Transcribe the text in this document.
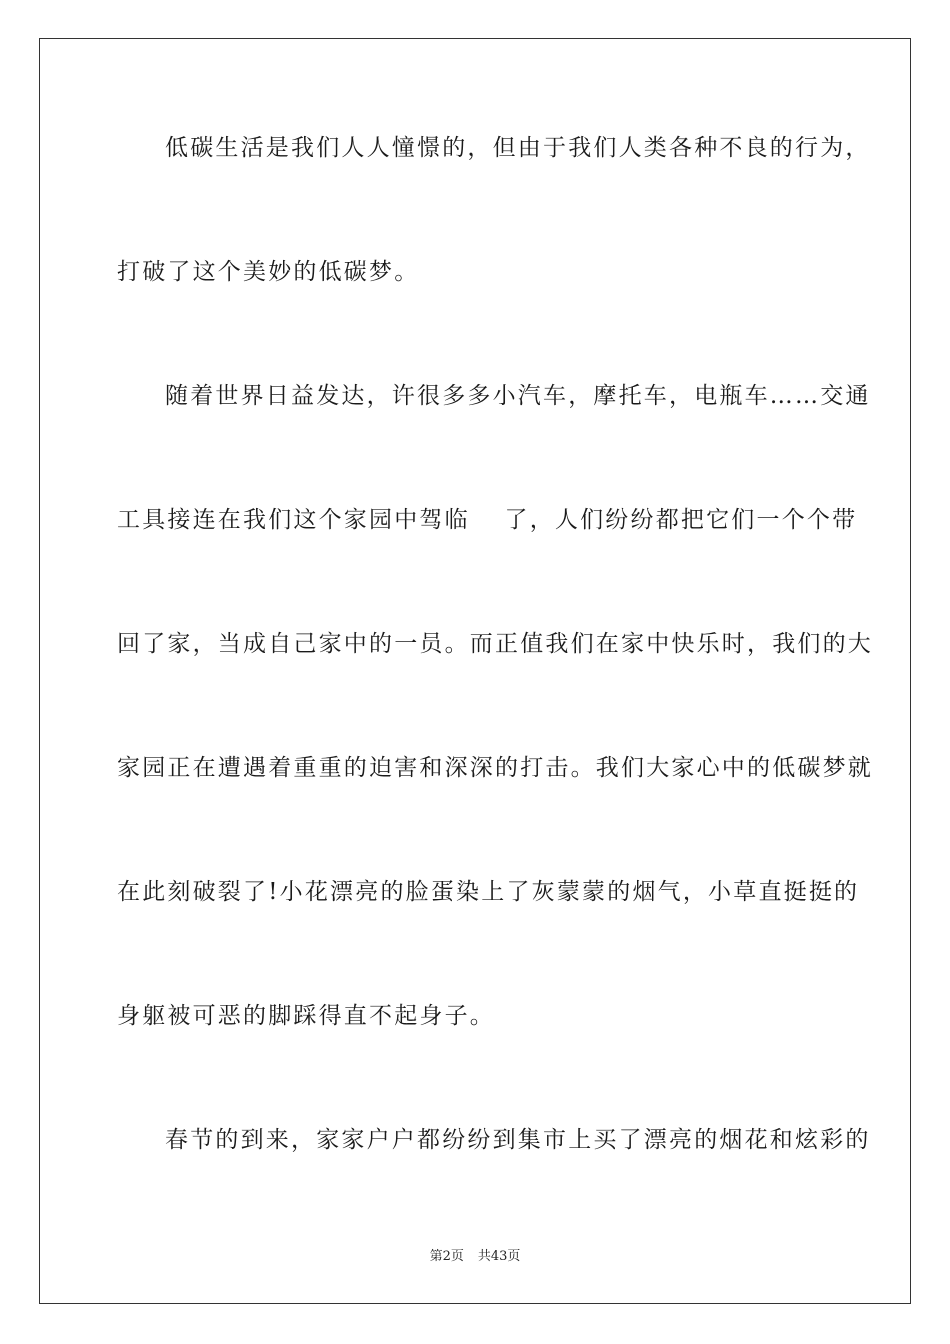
低碳生活是我们人人憧憬的，但由于我们人类各种不良的行为，
打破了这个美妙的低碳梦。
随着世界日益发达，许很多多小汽车，摩托车，电瓶车……交通
工具接连在我们这个家园中驾临　 了，人们纷纷都把它们一个个带
回了家，当成自己家中的一员。而正值我们在家中快乐时，我们的大
家园正在遭遇着重重的迫害和深深的打击。我们大家心中的低碳梦就
在此刻破裂了!小花漂亮的脸蛋染上了灰蒙蒙的烟气，小草直挺挺的
身躯被可恶的脚踩得直不起身子。
春节的到来，家家户户都纷纷到集市上买了漂亮的烟花和炫彩的
第2页 共43页
